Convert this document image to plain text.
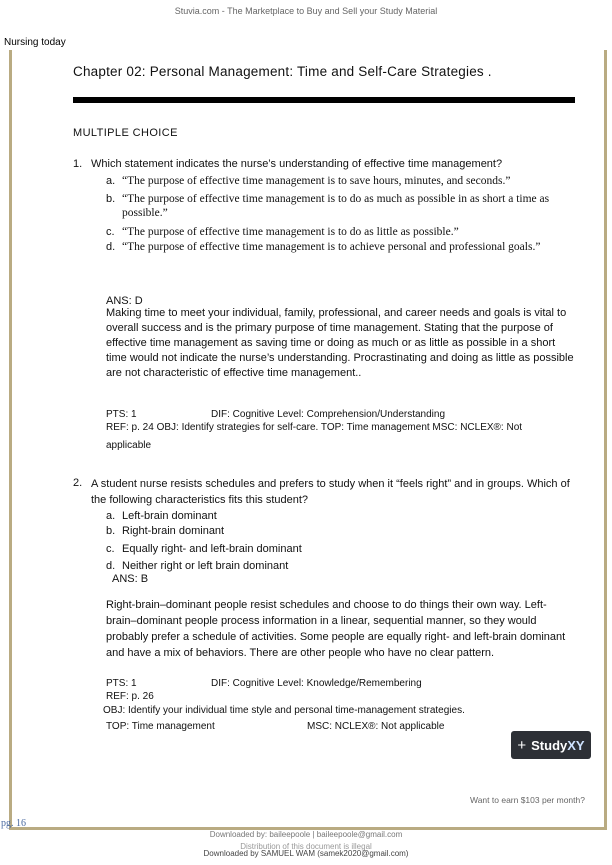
Stuvia.com - The Marketplace to Buy and Sell your Study Material
Nursing today
Chapter 02: Personal Management: Time and Self-Care Strategies .
MULTIPLE CHOICE
1. Which statement indicates the nurse’s understanding of effective time management?
a. “The purpose of effective time management is to save hours, minutes, and seconds.”
b. “The purpose of effective time management is to do as much as possible in as short a time as possible.”
c. “The purpose of effective time management is to do as little as possible.”
d. “The purpose of effective time management is to achieve personal and professional goals.”
ANS: D
Making time to meet your individual, family, professional, and career needs and goals is vital to overall success and is the primary purpose of time management. Stating that the purpose of effective time management as saving time or doing as much or as little as possible in a short time would not indicate the nurse’s understanding. Procrastinating and doing as little as possible are not characteristic of effective time management..
PTS: 1	DIF: Cognitive Level: Comprehension/Understanding
REF: p. 24 OBJ: Identify strategies for self-care. TOP: Time management MSC: NCLEX®: Not
applicable
2. A student nurse resists schedules and prefers to study when it “feels right” and in groups. Which of the following characteristics fits this student?
a. Left-brain dominant
b. Right-brain dominant
c. Equally right- and left-brain dominant
d. Neither right or left brain dominant
ANS: B
Right-brain–dominant people resist schedules and choose to do things their own way. Left-brain–dominant people process information in a linear, sequential manner, so they would probably prefer a schedule of activities. Some people are equally right- and left-brain dominant and have a mix of behaviors. There are other people who have no clear pattern.
PTS: 1	DIF: Cognitive Level: Knowledge/Remembering
REF: p. 26
OBJ: Identify your individual time style and personal time-management strategies.
TOP: Time management	MSC: NCLEX®: Not applicable
+ Study XY
Want to earn $103 per month?
pg. 16
Downloaded by: baileepoole | baileepoole@gmail.com
Distribution of this document is illegal
Downloaded by SAMUEL WAM (samek2020@gmail.com)
